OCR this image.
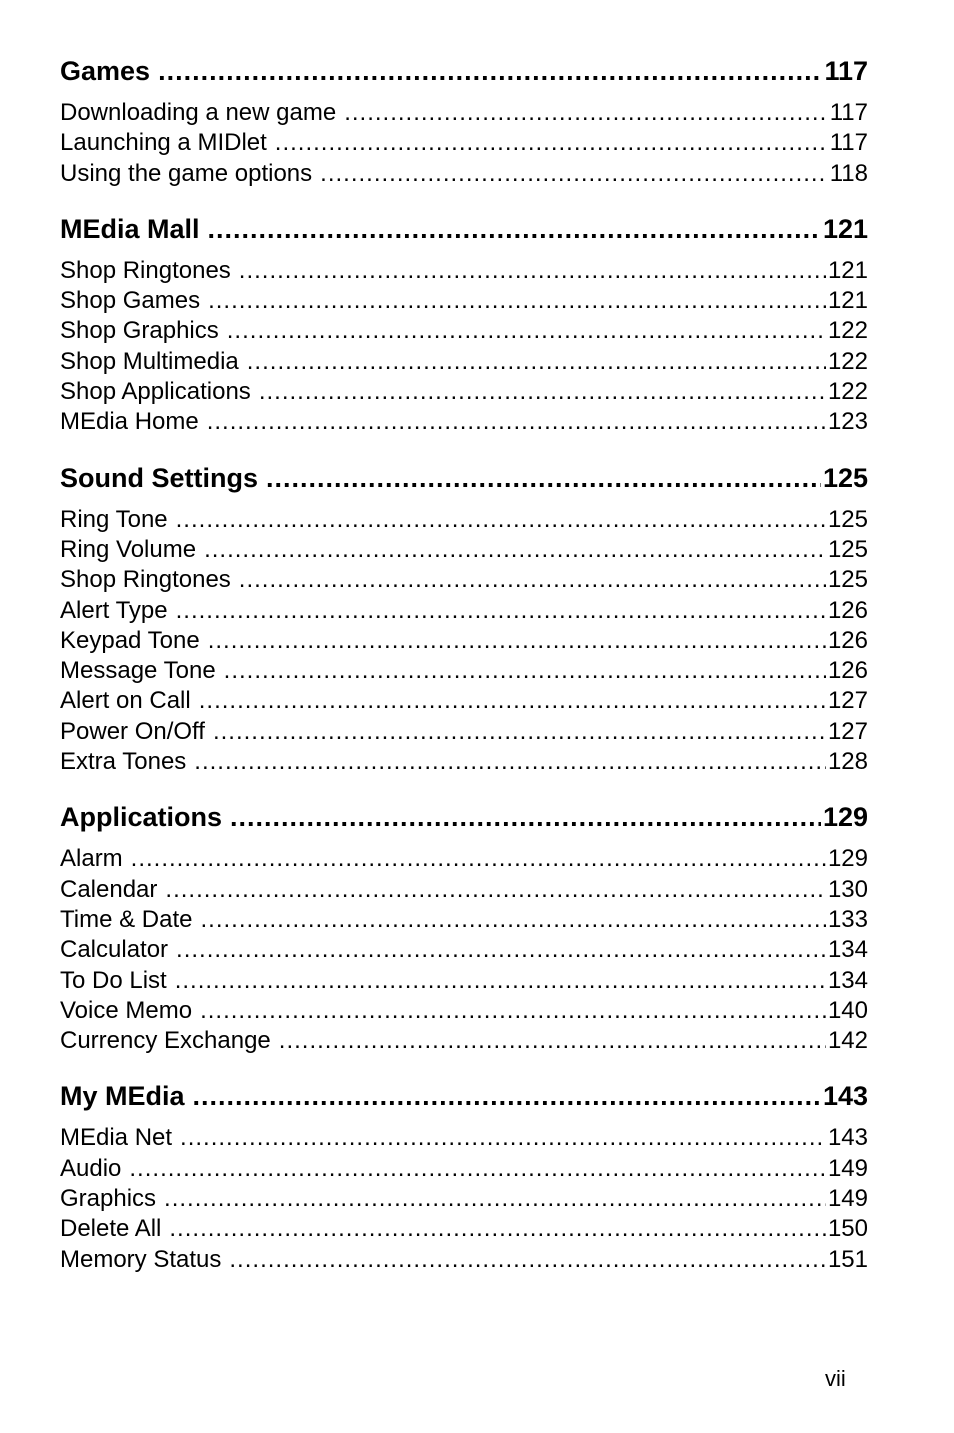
Games .....	117
Downloading a new game .....	117
Launching a MIDlet .....	117
Using the game options .....	118
MEdia Mall .....	121
Shop Ringtones .....	121
Shop Games .....	121
Shop Graphics .....	122
Shop Multimedia .....	122
Shop Applications .....	122
MEdia Home .....	123
Sound Settings .....	125
Ring Tone .....	125
Ring Volume .....	125
Shop Ringtones .....	125
Alert Type .....	126
Keypad Tone .....	126
Message Tone .....	126
Alert on Call .....	127
Power On/Off .....	127
Extra Tones .....	128
Applications .....	129
Alarm .....	129
Calendar .....	130
Time & Date .....	133
Calculator .....	134
To Do List .....	134
Voice Memo .....	140
Currency Exchange .....	142
My MEdia .....	143
MEdia Net .....	143
Audio .....	149
Graphics .....	149
Delete All .....	150
Memory Status .....	151
vii
